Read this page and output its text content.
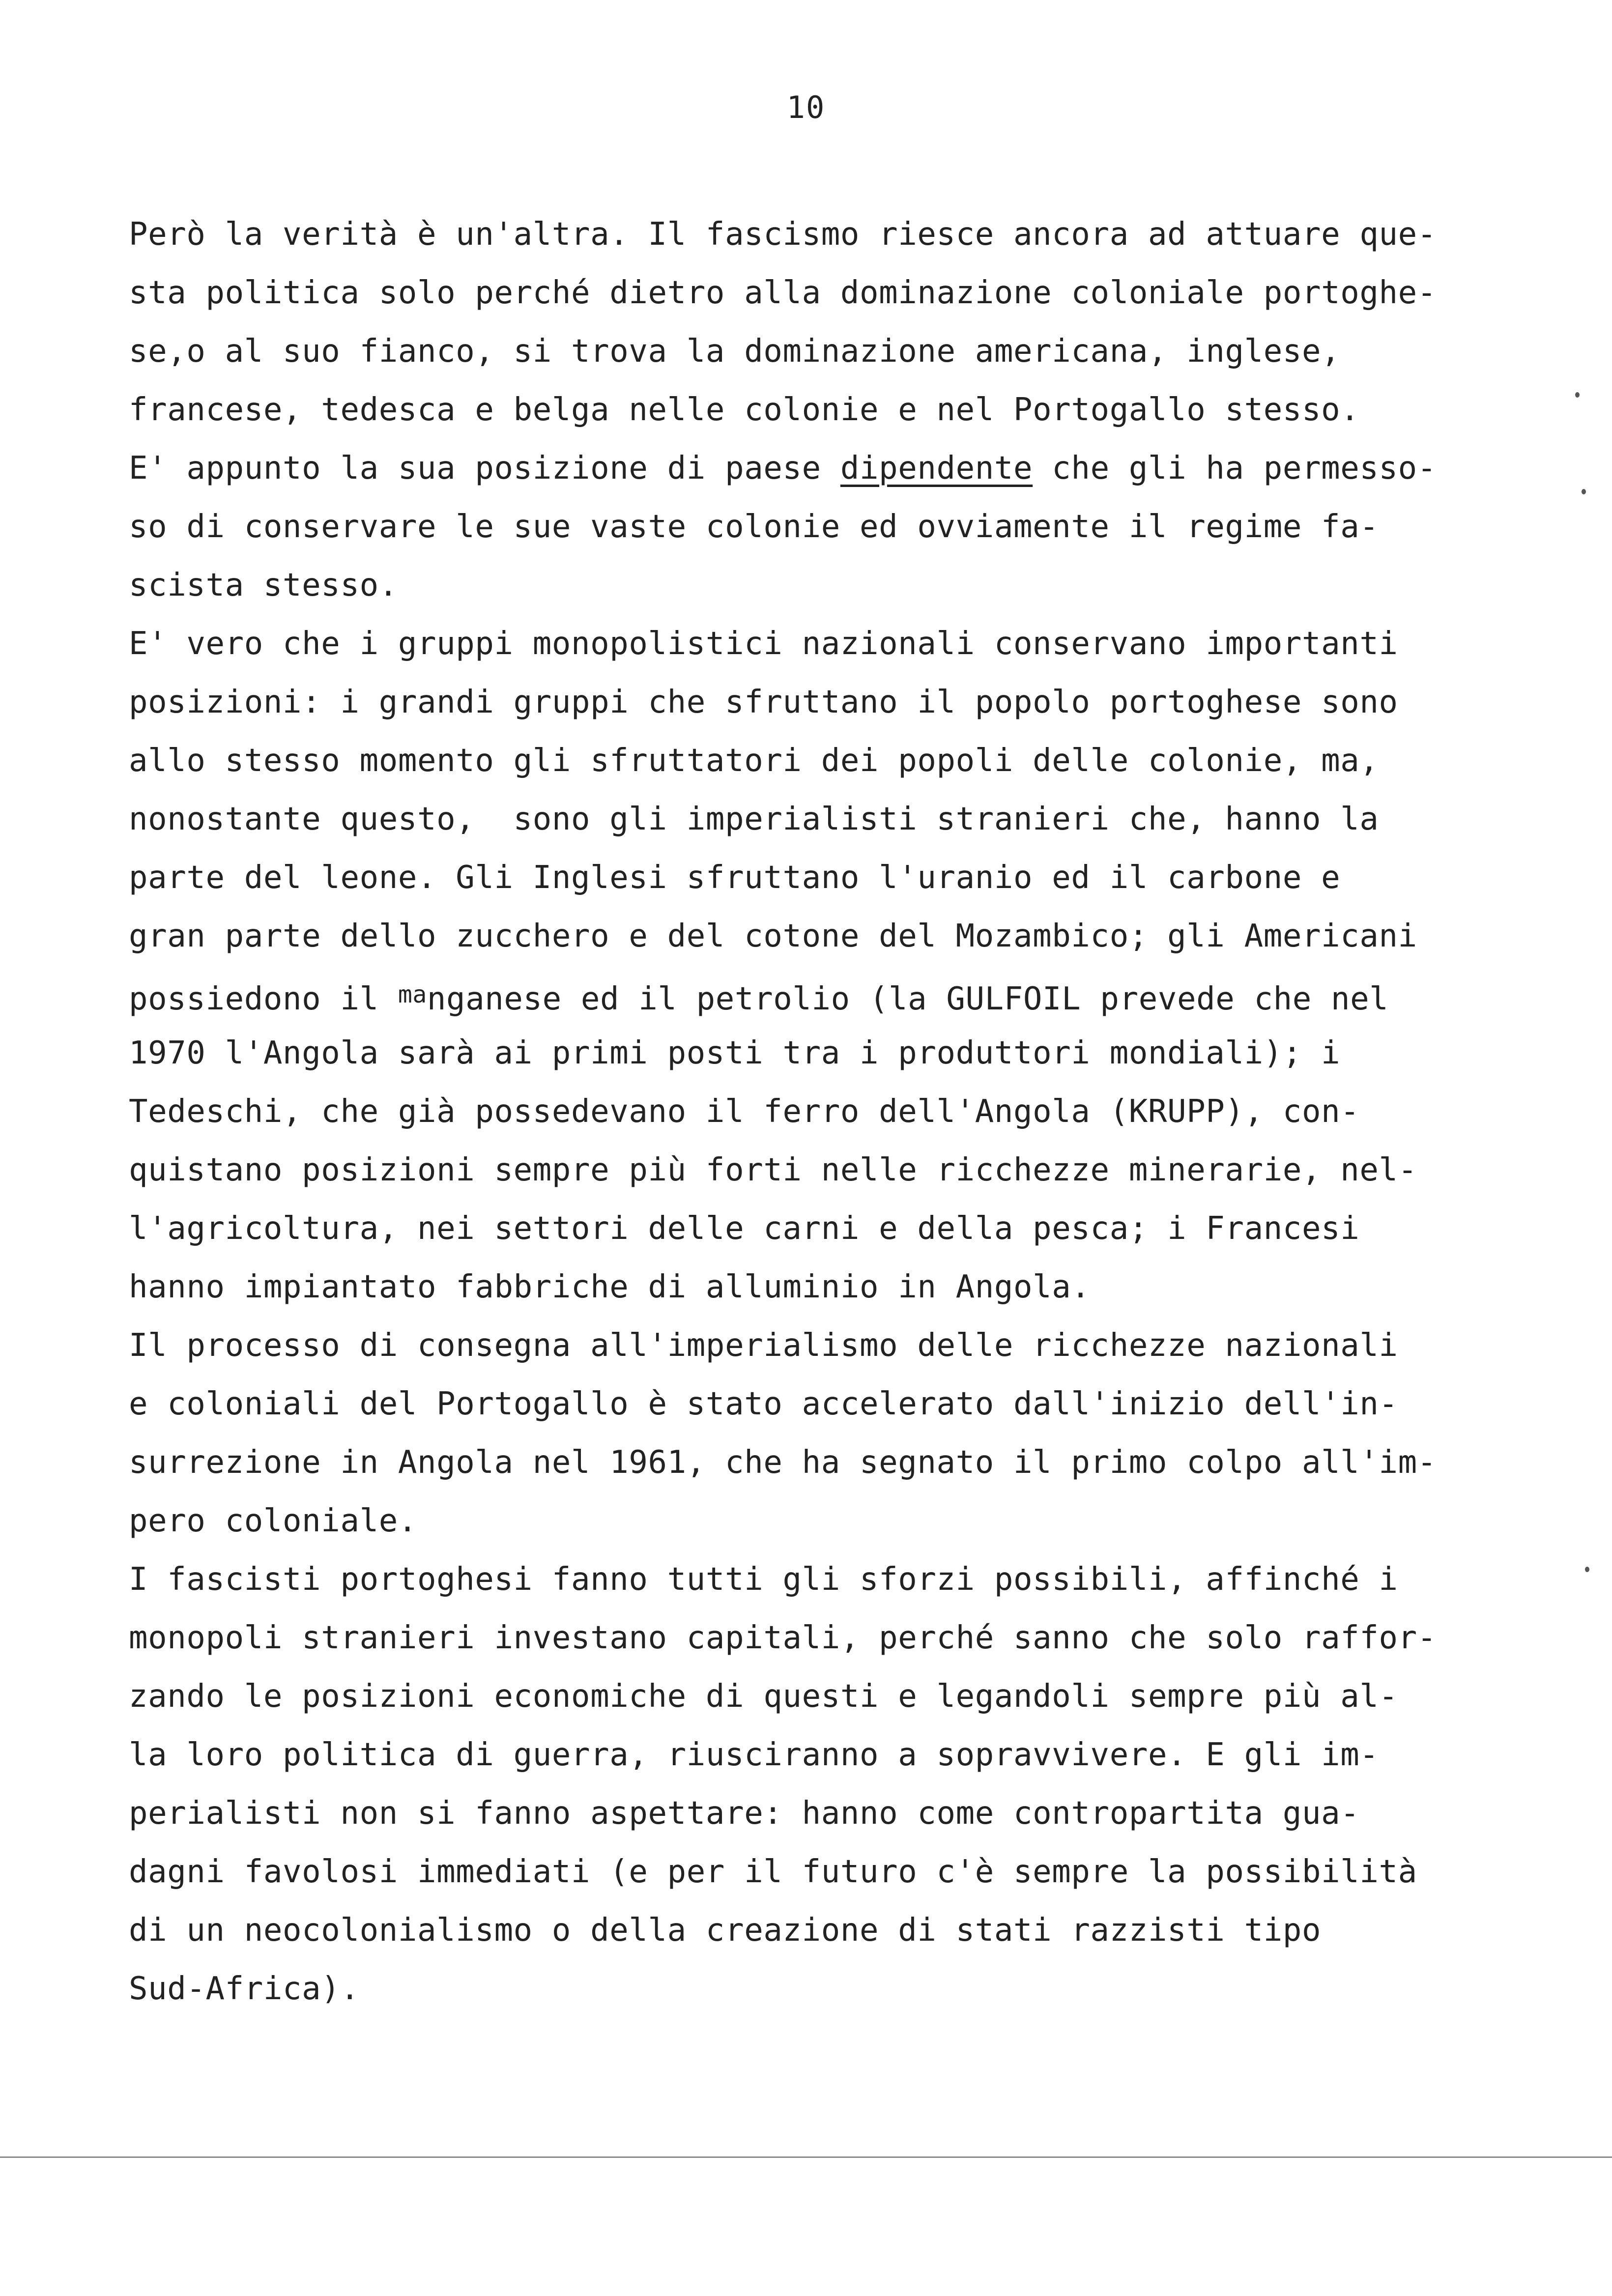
10
Però la verità è un'altra. Il fascismo riesce ancora ad attuare que-
sta politica solo perché dietro alla dominazione coloniale portoghe-
se,o al suo fianco, si trova la dominazione americana, inglese,
francese, tedesca e belga nelle colonie e nel Portogallo stesso.
E' appunto la sua posizione di paese dipendente che gli ha permesso-
so di conservare le sue vaste colonie ed ovviamente il regime fa-
scista stesso.
E' vero che i gruppi monopolistici nazionali conservano importanti
posizioni: i grandi gruppi che sfruttano il popolo portoghese sono
allo stesso momento gli sfruttatori dei popoli delle colonie, ma,
nonostante questo,  sono gli imperialisti stranieri che, hanno la
parte del leone. Gli Inglesi sfruttano l'uranio ed il carbone e
gran parte dello zucchero e del cotone del Mozambico; gli Americani
possiedono il $^{ma}$nganese ed il petrolio (la GULFOIL prevede che nel
1970 l'Angola sarà ai primi posti tra i produttori mondiali); i
Tedeschi, che già possedevano il ferro dell'Angola (KRUPP), con-
quistano posizioni sempre più forti nelle ricchezze minerarie, nel-
l'agricoltura, nei settori delle carni e della pesca; i Francesi
hanno impiantato fabbriche di alluminio in Angola.
Il processo di consegna all'imperialismo delle ricchezze nazionali
e coloniali del Portogallo è stato accelerato dall'inizio dell'in-
surrezione in Angola nel 1961, che ha segnato il primo colpo all'im-
pero coloniale.
I fascisti portoghesi fanno tutti gli sforzi possibili, affinché i
monopoli stranieri investano capitali, perché sanno che solo raffor-
zando le posizioni economiche di questi e legandoli sempre più al-
la loro politica di guerra, riusciranno a sopravvivere. E gli im-
perialisti non si fanno aspettare: hanno come contropartita gua-
dagni favolosi immediati (e per il futuro c'è sempre la possibilità
di un neocolonialismo o della creazione di stati razzisti tipo
Sud-Africa).
